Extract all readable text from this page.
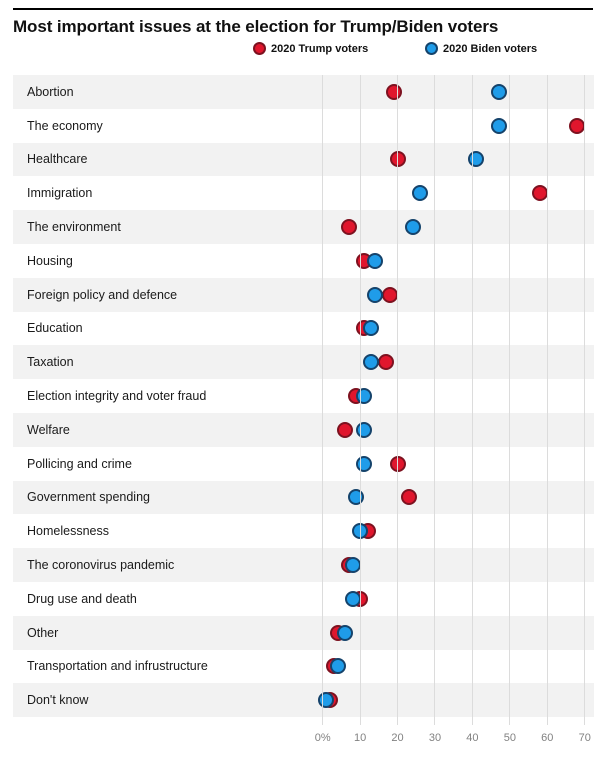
Most important issues at the election for Trump/Biden voters
2020 Trump voters	2020 Biden voters
Abortion
The economy
Healthcare
Immigration
The environment
Housing
Foreign policy and defence
Education
Taxation
Election integrity and voter fraud
Welfare
Pollicing and crime
Government spending
Homelessness
The coronovirus pandemic
Drug use and death
Other
Transportation and infrustructure
Don't know
0%	10	20	30	40	50	60	70
